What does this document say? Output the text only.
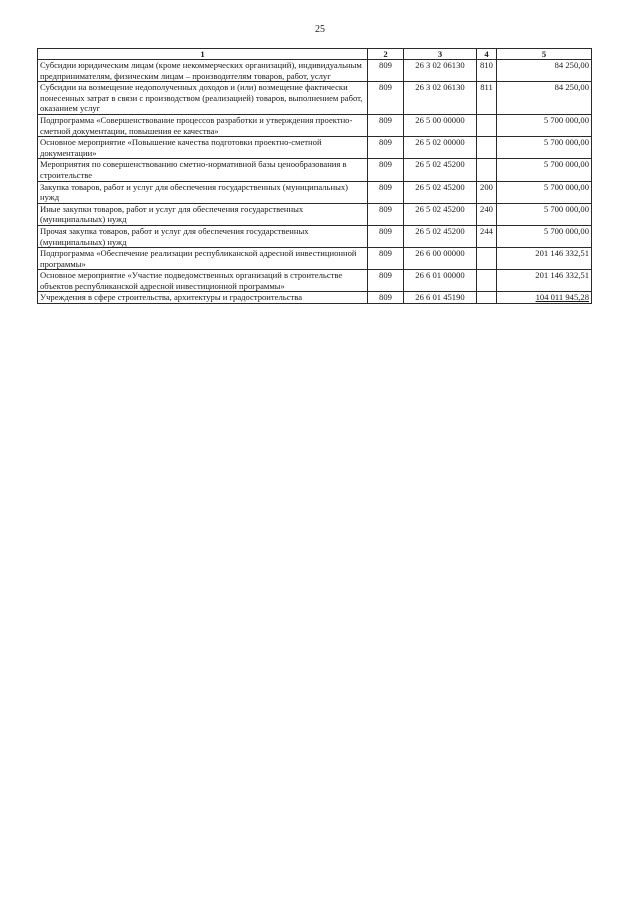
25
1	2	3	4	5
Субсидии юридическим лицам (кроме некоммерческих организаций), индивидуальным предпринимателям, физическим лицам – производителям товаров, работ, услуг	809	26 3 02 06130	810	84 250,00
Субсидии на возмещение недополученных доходов и (или) возмещение фактически понесенных затрат в связи с производством (реализацией) товаров, выполнением работ, оказанием услуг	809	26 3 02 06130	811	84 250,00
Подпрограмма «Совершенствование процессов разработки и утверждения проектно-сметной документации, повышения ее качества»	809	26 5 00 00000		5 700 000,00
Основное мероприятие «Повышение качества подготовки проектно-сметной документации»	809	26 5 02 00000		5 700 000,00
Мероприятия по совершенствованию сметно-нормативной базы ценообразования в строительстве	809	26 5 02 45200		5 700 000,00
Закупка товаров, работ и услуг для обеспечения государственных (муниципальных) нужд	809	26 5 02 45200	200	5 700 000,00
Иные закупки товаров, работ и услуг для обеспечения государственных (муниципальных) нужд	809	26 5 02 45200	240	5 700 000,00
Прочая закупка товаров, работ и услуг для обеспечения государственных (муниципальных) нужд	809	26 5 02 45200	244	5 700 000,00
Подпрограмма «Обеспечение реализации республиканской адресной инвестиционной программы»	809	26 6 00 00000		201 146 332,51
Основное мероприятие «Участие подведомственных организаций в строительстве объектов республиканской адресной инвестиционной программы»	809	26 6 01 00000		201 146 332,51
Учреждения в сфере строительства, архитектуры и градостроительства	809	26 6 01 45190		104 011 945,28
